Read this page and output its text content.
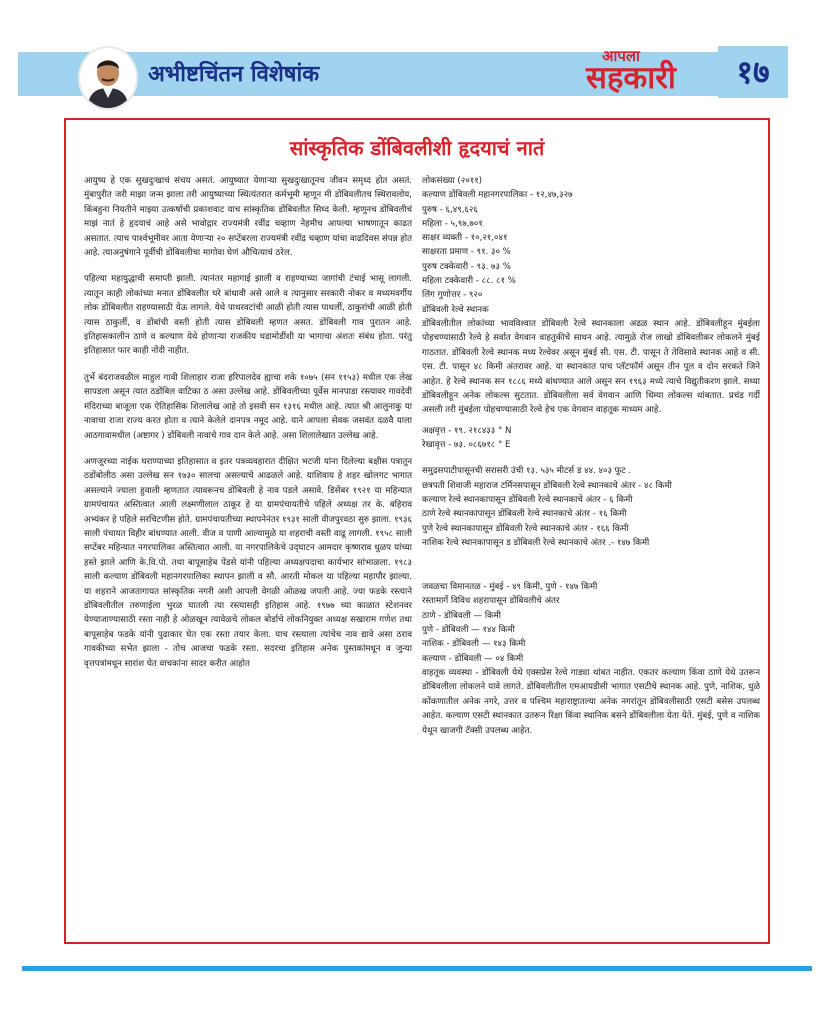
अभीष्टचिंतन विशेषांक
आपला
सहकारी	१७
सांस्कृतिक डोंबिवलीशी हृदयाचं नातं

आयुष्य हे एक सुखदुःखाचं संचय असतं. आयुष्यात येणाऱ्या सुखदुःखातूनच जीवन समृध्द होत असतं. मुंबापुरीत जरी माझा जन्म झाला तरी आयुष्याच्या स्थित्यंतरात कर्मभूमी म्हणून मी डोंबिवलीतच स्थिरावलोय, किंबहुना नियतीने माझ्या उत्कर्षाची प्रकाशवाट याच सांस्कृतिक डोंबिवलीत सिध्द केली. म्हणूनच डोंबिवलीचं माझं नातं हे हृदयाचं आहे असे भावोद्गार राज्यमंत्री रवींद्र चव्हाण नेहमीच आपल्या भाषणातून काढत असतात. त्याच पार्श्वभूमीवर आता येणाऱ्या २० सप्टेंबरला राज्यमंत्री रवींद्र चव्हाण यांचा वाढदिवस संपन्न होत आहे. त्याअनुषंगाने पूर्वीची डोंबिवलीचा मागोवा घेणं औचित्याचं ठरेल.

पहिल्या महायुद्धाची समाप्ती झाली. त्यानंतर महागाई झाली व राहण्याच्या जागांची टंचाई भासू लागली. त्यातून काही लोकांच्या मनात डोंबिवलीत घरे बांधावी असे आले व त्यानुसार सरकारी नोकर व मध्यमवर्गीय लोक डोंबिवलीत राहण्यासाठी येऊ लागले. येथे पाथरवटांची आळी होती त्यास पाथर्ली, ठाकुरांची आळी होती त्यास ठाकुर्ली, व डोंबांची वस्ती होती त्यास डोंबिवली म्हणत असत. डोंबिवली गाव पुरातन आहे. इतिहासकालीन ठाणे व कल्याण येथे होणाऱ्या राजकीय घडामोडींशी या भागाचा अंशतः संबंध होता. परंतु इतिहासात फार काही नोंदी नाहीत.

तुर्भे बंदराजवळील माहुल गावी शिलाहार राजा हरिपालदेव ह्याचा शके १०७५ (सन ११५३) मधील एक लेख सापडला असून त्यात ठडोंबिल वाटिका ठ असा उल्लेख आहे. डोंबिवलीच्या पूर्वेस मानपाडा रस्त्यावर गावदेवी मंदिराच्या बाजूला एक ऐतिहासिक शिलालेख आहे तो इसवी सन १३१६ मधील आहे. त्यात श्री आलुनाकु या नावाचा राजा राज्य करत होता व त्याने केलेले दानपत्र नमूद आहे. याने आपला सेवक जसवंत दळवै याला आठगावामधील (अष्टागर ) डोंबिवली नावाचे गाव दान केले आहे. असा शिलालेखात उल्लेख आहे.

अणजूरच्या नाईक घराण्याच्या इतिहासात व इतर पत्रव्यवहारात दीक्षित भटजी यांना दिलेल्या बक्षीस पत्रातून ठडोंबोलीठ असा उल्लेख सन १७३० सालचा असल्याचे आढळले आहे. याशिवाय हे शहर खोलगट भागात असल्याने ज्याला हुवाली म्हणतात त्यावरूनच डोंबिवली हे नाव पडले असावे. डिसेंबर १९२१ या महिन्यात ग्रामपंचायत अस्तित्वात आली लक्ष्मणीलाल ठाकूर हे या ग्रामपंचायतीचे पहिले अध्यक्ष तर के. बहिराव अभ्यंकर हे पहिले सरचिटणीस होते. ग्रामपंचायतीच्या स्थापनेनंतर १९३१ साली वीजपुरवठा सुरु झाला. १९३६ साली पंचायत विहीर बांधण्यात आली. वीज व पाणी आल्यामुळे या शहराची वस्ती वाढू लागली. १९५८ साली सप्टेंबर महिन्यात नगरपालिका अस्तित्वात आली. या नगरपालिकेचे उद्‌घाटन आमदार कृष्णराव धुळप यांच्या हस्ते झाले आणि के.वि.पो. तथा बापूसाहेब पेंडसे यांनी पहिल्या अध्यक्षपदाचा कार्यभार सांभाळला. १९८३ साली कल्याण डोंबिवली महानगरपालिका स्थापन झाली व सौ. आरती मोकल या पहिल्या महापौर झाल्या. या शहराने आजतागायत सांस्कृतिक नगरी अशी आपली वेगळी ओळख जपली आहे. ज्या फडके रस्त्याने डोंबिवलीतील तरुणाईला भुरळ घातली त्या रस्त्यासही इतिहास आहे. १९७७ च्या काळात स्टेशनवर येण्याजाण्यासाठी रस्ता नाही हे ओळखून त्यावेळचे लोकल बोर्डाचे लोकनियुक्त अध्यक्ष सखाराम गणेश तथा बापूसाहेब फडके यांनी पुढाकार घेत एक रस्ता तयार केला. याच रस्त्याला त्यांचेच नाव द्यावे असा ठराव गावकीच्या सभेत झाला - तोच आजचा फडके रस्ता. सदरचा इतिहास अनेक पुस्तकांमधून व जुन्या वृत्तपत्रांमधून सारांश घेत वाचकांना सादर करीत आहोत

लोकसंख्या (२०११)

कल्याण डोंबिवली महानगरपालिका - १२,४७,३२७

पुरुष - ६,४९,६२६

महिला - ५,९७,७०१

साक्षर व्यक्ती - १०,२१,०४१

साक्षरता प्रमाण - ९१. ३० %

पुरुष टक्केवारी - ९३. ७३ %

महिला टक्केवारी - ८८. ८१ %

लिंग गुणोत्तर - ९२०

डोंबिवली रेल्वे स्थानक

डोंबिवलीतील लोकांच्या भावविश्वात डोंबिवली रेल्वे स्थानकाला अढळ स्थान आहे. डोंबिवलीहून मुंबईला पोहचण्यासाठी रेल्वे हे सर्वात वेगवान वाहतुकीचे साधन आहे. त्यामुळे रोज लाखो डोंबिवलीकर लोकलने मुंबई गाठतात. डोंबिवली रेल्वे स्थानक मध्य रेल्वेवर असून मुंबई सी. एस. टी. पासून ते तेविसावे स्थानक आहे व सी. एस. टी. पासून ४८ किमी अंतरावर आहे. या स्थानकात पाच प्लॅटफॉर्म असून तीन पूल व दोन सरकते जिने आहेत. हे रेल्वे स्थानक सन १८८६ मध्ये बांधण्यात आले असून सन १९६३ मध्ये त्याचे विद्युतीकरण झाले. सध्या डोंबिवलीहून अनेक लोकल्स सुटतात. डोंबिवलीला सर्व वेगवान आणि धिम्या लोकल्स थांबतात. प्रचंड गर्दी असली तरी मुंबईला पोहचण्यासाठी रेल्वे हेच एक वेगवान वाहतूक माध्यम आहे.

अक्षवृत्त - १९. २१८४३३ ° N

रेखावृत्त - ७३. ०८६७१८ ° E

समुद्रसपाटीपासूनची सरासरी उंची १३. ५३५ मीटर्स ड ४४. ४०३ फूट .

छत्रपती शिवाजी महाराज टर्मिनसपासून डोंबिवली रेल्वे स्थानकाचे अंतर - ४८ किमी

कल्याण रेल्वे स्थानकापासून डोंबिवली रेल्वे स्थानकाचे अंतर - ६ किमी

ठाणे रेल्वे स्थानकापासून डोंबिवली रेल्वे स्थानकाचे अंतर - १६ किमी

पुणे रेल्वे स्थानकापासून डोंबिवली रेल्वे स्थानकाचे अंतर - १६६ किमी

नाशिक रेल्वे स्थानकापासून ड डोंबिवली रेल्वे स्थानकाचे अंतर .- १४७ किमी

जवळचा विमानतळ - मुंबई - ४९ किमी, पुणे - १४७ किमी

रस्तामार्गे विविध शहरापासून डोंबिवलीचे अंतर

ठाणे - डोंबिवली — किमी

पुणे - डोंबिवली — १४४ किमी

नाशिक - डोंबिवली — १४३ किमी

कल्याण - डोंबिवली — ०४ किमी

वाहतूक व्यवस्था - डोंबिवली येथे एक्सप्रेस रेल्वे गाड्या थांबत नाहीत. एकतर कल्याण किंवा ठाणे येथे उतरून डोंबिवलीला लोकलने यावे लागते. डोंबिवलीतील एमआयडीसी भागात एसटीचे स्थानक आहे. पुणे, नाशिक, धुळे कोंकणातील अनेक नगरे, उत्तर व पश्चिम महाराष्ट्रातल्या अनेक नगरांतून डोंबिवलीसाठी एसटी बसेस उपलब्ध आहेत. कल्याण एसटी स्थानकात उतरून रिक्षा किंवा स्थानिक बसने डोंबिवलीला येता येते. मुंबई, पुणे व नाशिक येथून खाजगी टॅक्सी उपलब्ध आहेत.
